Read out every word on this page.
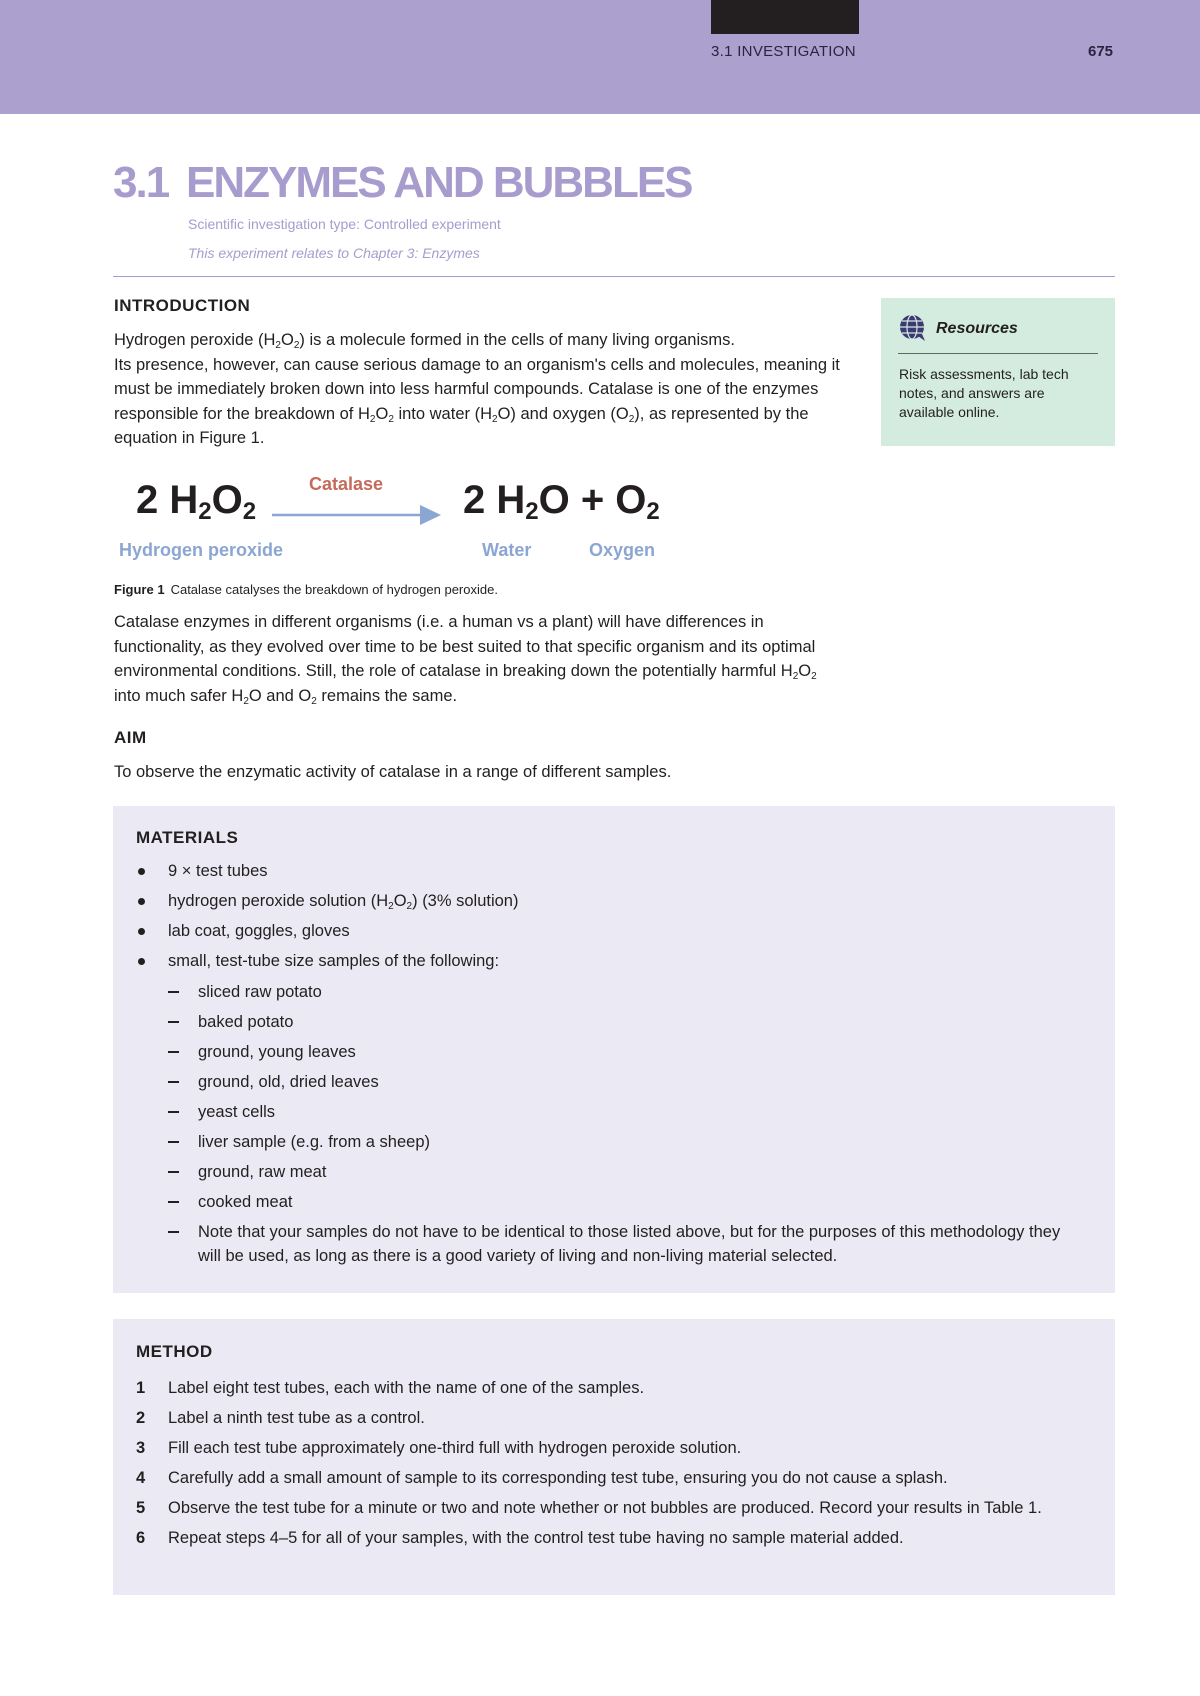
3.1 INVESTIGATION	675
3.1 ENZYMES AND BUBBLES
Scientific investigation type: Controlled experiment
This experiment relates to Chapter 3: Enzymes
INTRODUCTION
Hydrogen peroxide $(H_2O_2)$ is a molecule formed in the cells of many living organisms.
Its presence, however, can cause serious damage to an organism's cells and molecules, meaning it must be immediately broken down into less harmful compounds. Catalase is one of the enzymes responsible for the breakdown of $H_2O_2$ into water $(H_2O)$ and oxygen $(O_2)$, as represented by the equation in Figure 1.
Resources
Risk assessments, lab tech notes, and answers are available online.
2 $H_2O_2$
Catalase 2 $H_2O + O_2$
Hydrogen peroxide	Water	Oxygen
Figure 1 Catalase catalyses the breakdown of hydrogen peroxide.
Catalase enzymes in different organisms (i.e. a human vs a plant) will have differences in functionality, as they evolved over time to be best suited to that specific organism and its optimal environmental conditions. Still, the role of catalase in breaking down the potentially harmful $H_2O_2$ into much safer $H_2O$ and $O_2$ remains the same.
AIM
To observe the enzymatic activity of catalase in a range of different samples.
MATERIALS
9 × test tubes
hydrogen peroxide solution $(H_2O_2)$ (3% solution)
lab coat, goggles, gloves
small, test-tube size samples of the following:
sliced raw potato
baked potato
ground, young leaves
ground, old, dried leaves
yeast cells
liver sample (e.g. from a sheep)
ground, raw meat
cooked meat
Note that your samples do not have to be identical to those listed above, but for the purposes of this methodology they will be used, as long as there is a good variety of living and non-living material selected.
METHOD
1 Label eight test tubes, each with the name of one of the samples.
2 Label a ninth test tube as a control.
3 Fill each test tube approximately one-third full with hydrogen peroxide solution.
4 Carefully add a small amount of sample to its corresponding test tube, ensuring you do not cause a splash.
5 Observe the test tube for a minute or two and note whether or not bubbles are produced. Record your results in Table 1.
6 Repeat steps 4–5 for all of your samples, with the control test tube having no sample material added.
